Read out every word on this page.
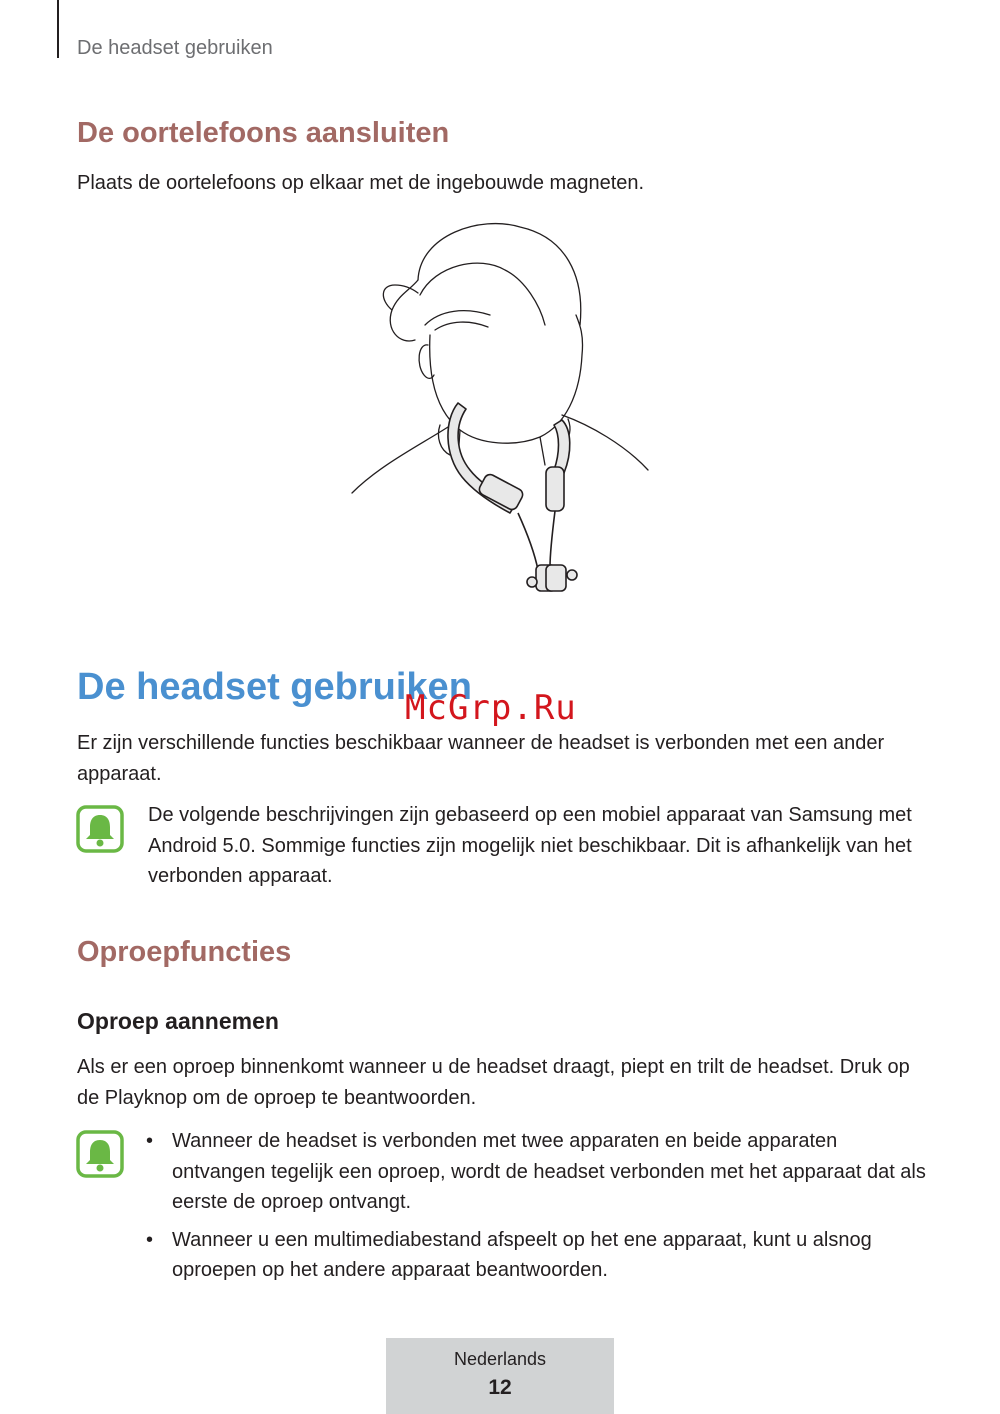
De headset gebruiken
De oortelefoons aansluiten

Plaats de oortelefoons op elkaar met de ingebouwde magneten.

De headset gebruiken
McGrp.Ru

Er zijn verschillende functies beschikbaar wanneer de headset is verbonden met een ander apparaat.

De volgende beschrijvingen zijn gebaseerd op een mobiel apparaat van Samsung met Android 5.0. Sommige functies zijn mogelijk niet beschikbaar. Dit is afhankelijk van het verbonden apparaat.

Oproepfuncties
Oproep aannemen

Als er een oproep binnenkomt wanneer u de headset draagt, piept en trilt de headset. Druk op de Playknop om de oproep te beantwoorden.

• Wanneer de headset is verbonden met twee apparaten en beide apparaten ontvangen tegelijk een oproep, wordt de headset verbonden met het apparaat dat als eerste de oproep ontvangt.
• Wanneer u een multimediabestand afspeelt op het ene apparaat, kunt u alsnog oproepen op het andere apparaat beantwoorden.
Nederlands
12
